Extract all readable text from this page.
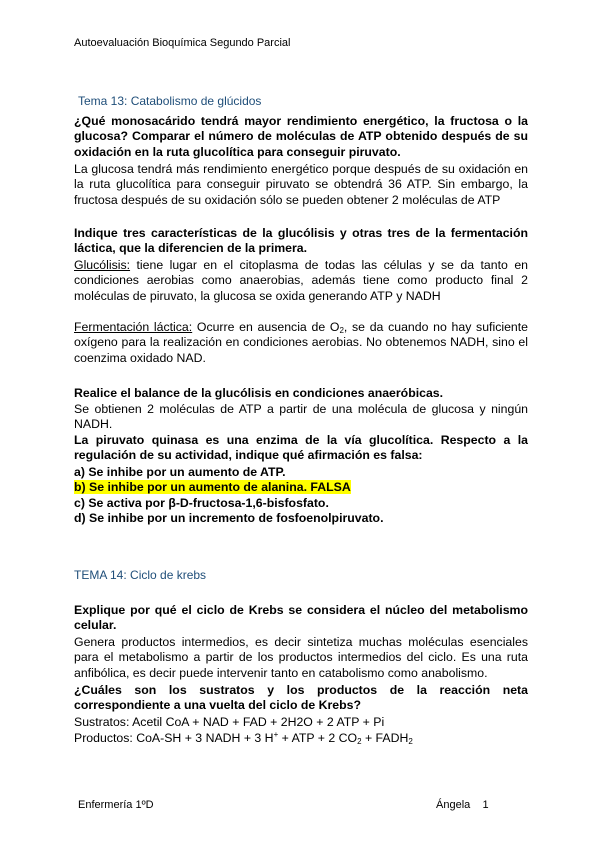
Autoevaluación Bioquímica Segundo Parcial
Tema 13: Catabolismo de glúcidos
¿Qué monosacárido tendrá mayor rendimiento energético, la fructosa o la glucosa? Comparar el número de moléculas de ATP obtenido después de su oxidación en la ruta glucolítica para conseguir piruvato.
La glucosa tendrá más rendimiento energético porque después de su oxidación en la ruta glucolítica para conseguir piruvato se obtendrá 36 ATP. Sin embargo, la fructosa después de su oxidación sólo se pueden obtener 2 moléculas de ATP
Indique tres características de la glucólisis y otras tres de la fermentación láctica, que la diferencien de la primera.
Glucólisis: tiene lugar en el citoplasma de todas las células y se da tanto en condiciones aerobias como anaerobias, además tiene como producto final 2 moléculas de piruvato, la glucosa se oxida generando ATP y NADH
Fermentación láctica: Ocurre en ausencia de $O_2$, se da cuando no hay suficiente oxígeno para la realización en condiciones aerobias. No obtenemos NADH, sino el coenzima oxidado NAD.
Realice el balance de la glucólisis en condiciones anaeróbicas.
Se obtienen 2 moléculas de ATP a partir de una molécula de glucosa y ningún NADH.
La piruvato quinasa es una enzima de la vía glucolítica. Respecto a la regulación de su actividad, indique qué afirmación es falsa:
a) Se inhibe por un aumento de ATP.
b) Se inhibe por un aumento de alanina. FALSA
c) Se activa por β-D-fructosa-1,6-bisfosfato.
d) Se inhibe por un incremento de fosfoenolpiruvato.
TEMA 14: Ciclo de krebs
Explique por qué el ciclo de Krebs se considera el núcleo del metabolismo celular.
Genera productos intermedios, es decir sintetiza muchas moléculas esenciales para el metabolismo a partir de los productos intermedios del ciclo. Es una ruta anfibólica, es decir puede intervenir tanto en catabolismo como anabolismo.
¿Cuáles son los sustratos y los productos de la reacción neta correspondiente a una vuelta del ciclo de Krebs?
Sustratos: Acetil CoA + NAD + FAD + 2H2O + 2 ATP + Pi
Productos: CoA-SH + 3 NADH + 3 H+ + ATP + 2 $CO_2$ + $FADH_2$
Enfermería 1ºD	Ángela    1
